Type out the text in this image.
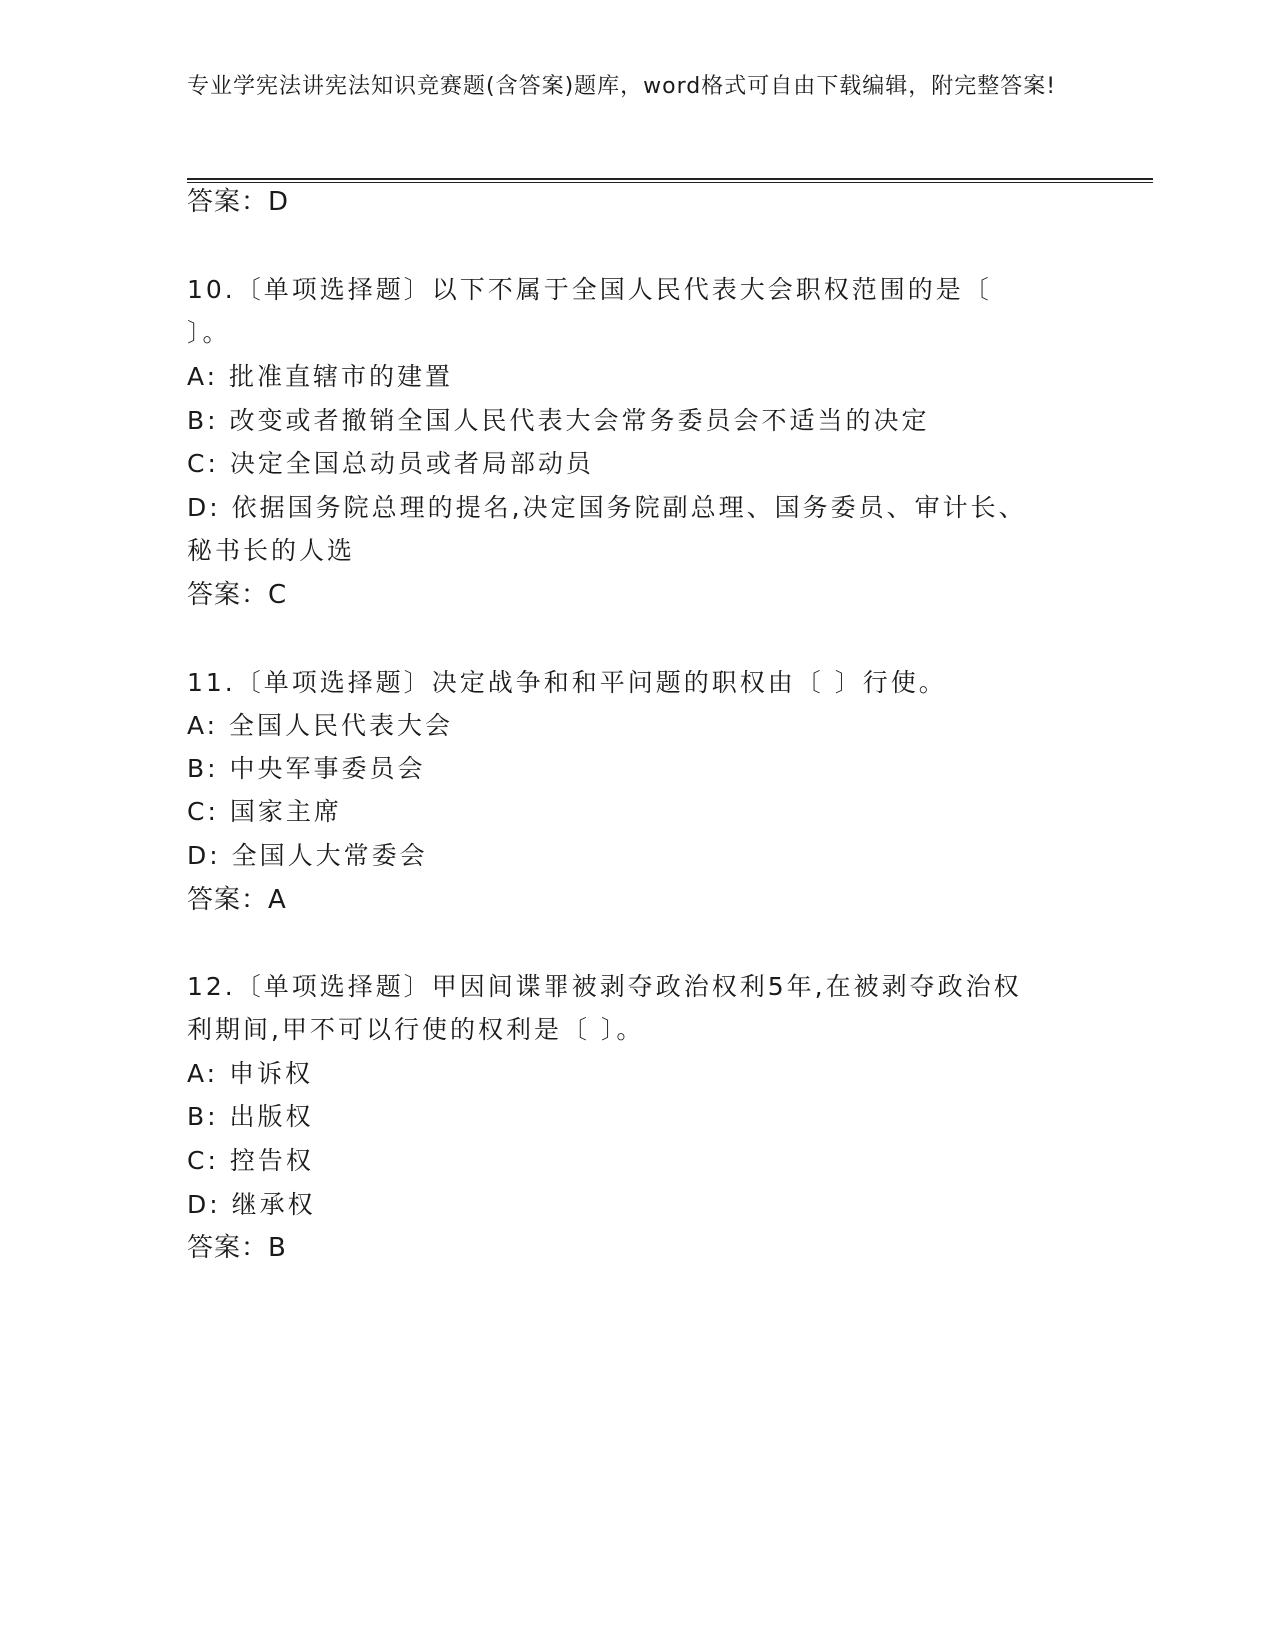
专业学宪法讲宪法知识竞赛题(含答案)题库，word格式可自由下载编辑，附完整答案!
答案：D
10.〔单项选择题〕以下不属于全国人民代表大会职权范围的是〔
〕。
A: 批准直辖市的建置
B: 改变或者撤销全国人民代表大会常务委员会不适当的决定
C: 决定全国总动员或者局部动员
D: 依据国务院总理的提名,决定国务院副总理、国务委员、审计长、
秘书长的人选
答案：C
11.〔单项选择题〕决定战争和和平问题的职权由〔 〕行使。
A: 全国人民代表大会
B: 中央军事委员会
C: 国家主席
D: 全国人大常委会
答案：A
12.〔单项选择题〕甲因间谍罪被剥夺政治权利5年,在被剥夺政治权
利期间,甲不可以行使的权利是〔 〕。
A: 申诉权
B: 出版权
C: 控告权
D: 继承权
答案：B
